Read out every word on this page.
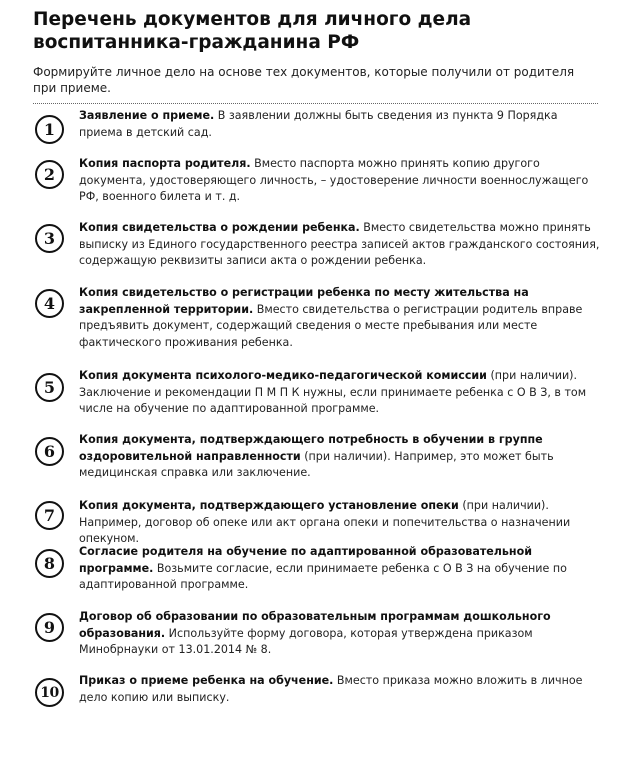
Перечень документов для личного дела воспитанника-гражданина РФ

Формируйте личное дело на основе тех документов, которые получили от родителя при приеме.

1

Заявление о приеме. В заявлении должны быть сведения из пункта 9 Порядка приема в детский сад.

2

Копия паспорта родителя. Вместо паспорта можно принять копию другого документа, удостоверяющего личность, – удостоверение личности военнослужащего РФ, военного билета и т. д.

3

Копия свидетельства о рождении ребенка. Вместо свидетельства можно принять выписку из Единого государственного реестра записей актов гражданского состояния, содержащую реквизиты записи акта о рождении ребенка.

4

Копия свидетельство о регистрации ребенка по месту жительства на закрепленной территории. Вместо свидетельства о регистрации родитель вправе предъявить документ, содержащий сведения о месте пребывания или месте фактического проживания ребенка.

5

Копия документа психолого-медико-педагогической комиссии (при наличии). Заключение и рекомендации П М П К нужны, если принимаете ребенка с О В З, в том числе на обучение по адаптированной программе.

6

Копия документа, подтверждающего потребность в обучении в группе оздоровительной направленности (при наличии). Например, это может быть медицинская справка или заключение.

7

Копия документа, подтверждающего установление опеки (при наличии). Например, договор об опеке или акт органа опеки и попечительства о назначении опекуном.

8

Согласие родителя на обучение по адаптированной образовательной программе. Возьмите согласие, если принимаете ребенка с О В З на обучение по адаптированной программе.

9

Договор об образовании по образовательным программам дошкольного образования. Используйте форму договора, которая утверждена приказом Минобрнауки от 13.01.2014 № 8.

10

Приказ о приеме ребенка на обучение. Вместо приказа можно вложить в личное дело копию или выписку.
